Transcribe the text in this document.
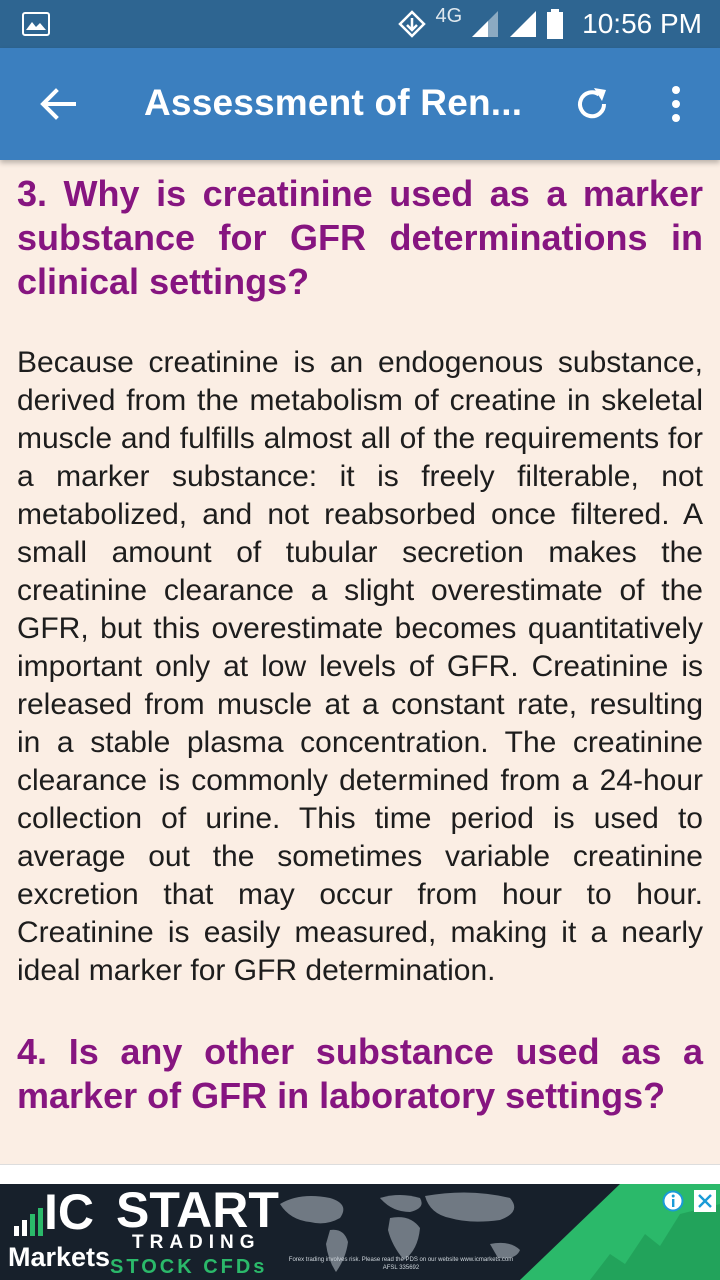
4G	10:56 PM
Assessment of Ren...

3. Why is creatinine used as a marker substance for GFR determinations in clinical settings?

Because creatinine is an endogenous substance, derived from the metabolism of creatine in skeletal muscle and fulfills almost all of the requirements for a marker substance: it is freely filterable, not metabolized, and not reabsorbed once filtered. A small amount of tubular secretion makes the creatinine clearance a slight overestimate of the GFR, but this overestimate becomes quantitatively important only at low levels of GFR. Creatinine is released from muscle at a constant rate, resulting in a stable plasma concentration. The creatinine clearance is commonly determined from a 24-hour collection of urine. This time period is used to average out the sometimes variable creatinine excretion that may occur from hour to hour. Creatinine is easily measured, making it a nearly ideal marker for GFR determination.

4. Is any other substance used as a marker of GFR in laboratory settings?

IC
Markets
START
TRADING
STOCK CFDs	Forex trading involves risk. Please read the PDS on our website www.icmarkets.com AFSL 335692
